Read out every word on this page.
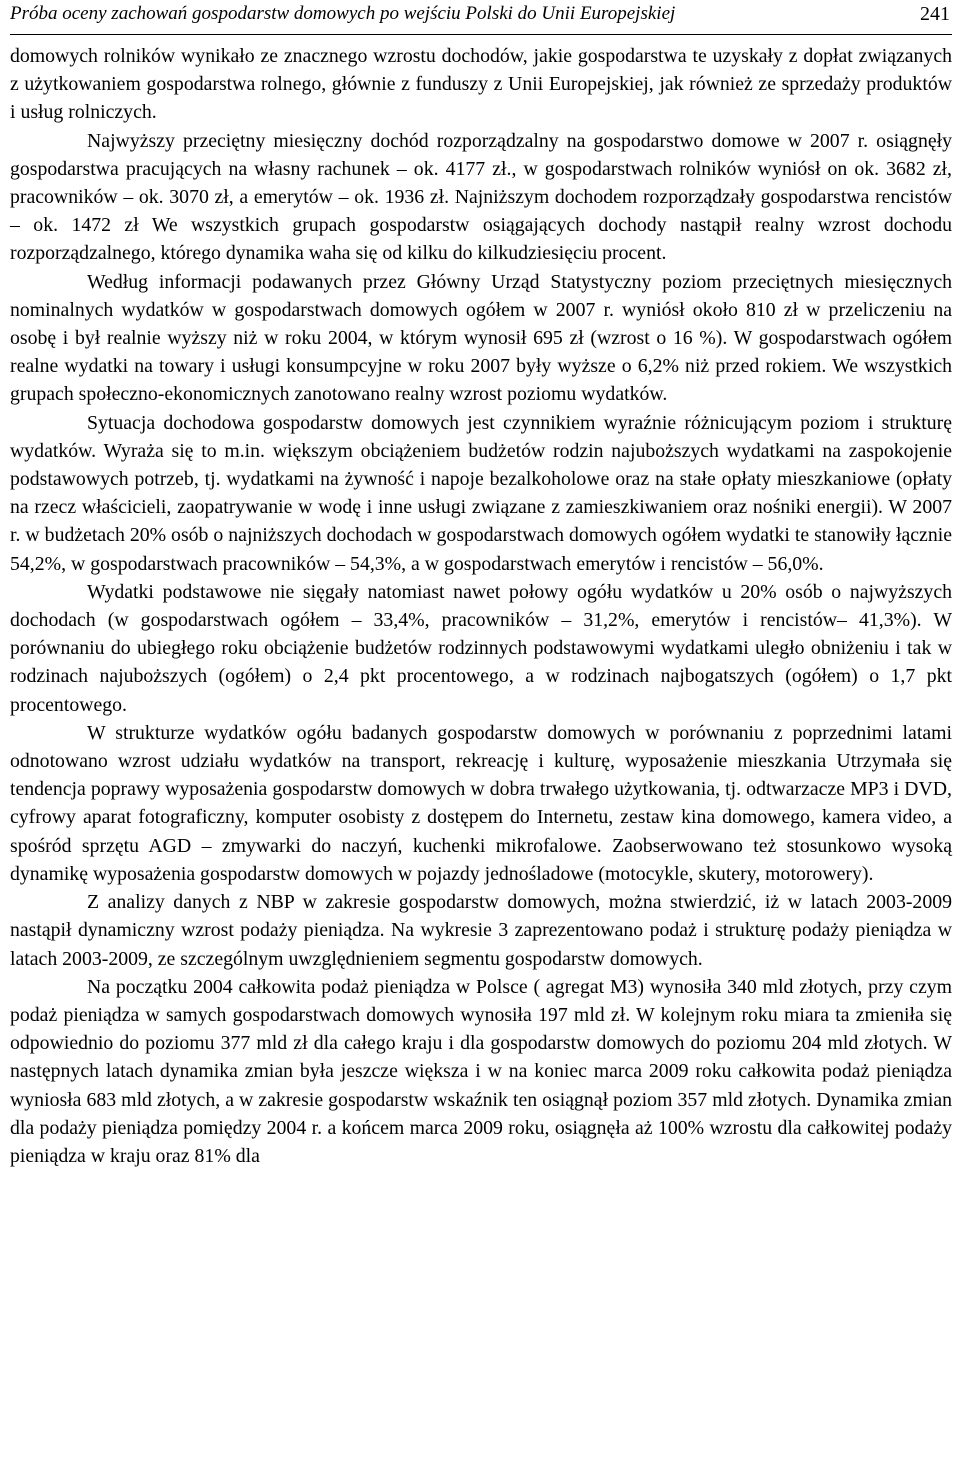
Próba oceny zachowań gospodarstw domowych po wejściu Polski do Unii Europejskiej	241

domowych rolników wynikało ze znacznego wzrostu dochodów, jakie gospodarstwa te uzyskały z dopłat związanych z użytkowaniem gospodarstwa rolnego, głównie z funduszy z Unii Europejskiej, jak również ze sprzedaży produktów i usług rolniczych.

Najwyższy przeciętny miesięczny dochód rozporządzalny na gospodarstwo domowe w 2007 r. osiągnęły gospodarstwa pracujących na własny rachunek – ok. 4177 zł., w gospodarstwach rolników wyniósł on ok. 3682 zł, pracowników – ok. 3070 zł, a emerytów – ok. 1936 zł. Najniższym dochodem rozporządzały gospodarstwa rencistów – ok. 1472 zł We wszystkich grupach gospodarstw osiągających dochody nastąpił realny wzrost dochodu rozporządzalnego, którego dynamika waha się od kilku do kilkudziesięciu procent.

Według informacji podawanych przez Główny Urząd Statystyczny poziom przeciętnych miesięcznych nominalnych wydatków w gospodarstwach domowych ogółem w 2007 r. wyniósł około 810 zł w przeliczeniu na osobę i był realnie wyższy niż w roku 2004, w którym wynosił 695 zł (wzrost o 16 %). W gospodarstwach ogółem realne wydatki na towary i usługi konsumpcyjne w roku 2007 były wyższe o 6,2% niż przed rokiem. We wszystkich grupach społeczno-ekonomicznych zanotowano realny wzrost poziomu wydatków.

Sytuacja dochodowa gospodarstw domowych jest czynnikiem wyraźnie różnicującym poziom i strukturę wydatków. Wyraża się to m.in. większym obciążeniem budżetów rodzin najuboższych wydatkami na zaspokojenie podstawowych potrzeb, tj. wydatkami na żywność i napoje bezalkoholowe oraz na stałe opłaty mieszkaniowe (opłaty na rzecz właścicieli, zaopatrywanie w wodę i inne usługi związane z zamieszkiwaniem oraz nośniki energii). W 2007 r. w budżetach 20% osób o najniższych dochodach w gospodarstwach domowych ogółem wydatki te stanowiły łącznie 54,2%, w gospodarstwach pracowników – 54,3%, a w gospodarstwach emerytów i rencistów – 56,0%.

Wydatki podstawowe nie sięgały natomiast nawet połowy ogółu wydatków u 20% osób o najwyższych dochodach (w gospodarstwach ogółem – 33,4%, pracowników – 31,2%, emerytów i rencistów– 41,3%). W porównaniu do ubiegłego roku obciążenie budżetów rodzinnych podstawowymi wydatkami uległo obniżeniu i tak w rodzinach najuboższych (ogółem) o 2,4 pkt procentowego, a w rodzinach najbogatszych (ogółem) o 1,7 pkt procentowego.

W strukturze wydatków ogółu badanych gospodarstw domowych w porównaniu z poprzednimi latami odnotowano wzrost udziału wydatków na transport, rekreację i kulturę, wyposażenie mieszkania Utrzymała się tendencja poprawy wyposażenia gospodarstw domowych w dobra trwałego użytkowania, tj. odtwarzacze MP3 i DVD, cyfrowy aparat fotograficzny, komputer osobisty z dostępem do Internetu, zestaw kina domowego, kamera video, a spośród sprzętu AGD – zmywarki do naczyń, kuchenki mikrofalowe. Zaobserwowano też stosunkowo wysoką dynamikę wyposażenia gospodarstw domowych w pojazdy jednośladowe (motocykle, skutery, motorowery).

Z analizy danych z NBP w zakresie gospodarstw domowych, można stwierdzić, iż w latach 2003-2009 nastąpił dynamiczny wzrost podaży pieniądza. Na wykresie 3 zaprezentowano podaż i strukturę podaży pieniądza w latach 2003-2009, ze szczególnym uwzględnieniem segmentu gospodarstw domowych.

Na początku 2004 całkowita podaż pieniądza w Polsce ( agregat M3) wynosiła 340 mld złotych, przy czym podaż pieniądza w samych gospodarstwach domowych wynosiła 197 mld zł. W kolejnym roku miara ta zmieniła się odpowiednio do poziomu 377 mld zł dla całego kraju i dla gospodarstw domowych do poziomu 204 mld złotych. W następnych latach dynamika zmian była jeszcze większa i w na koniec marca 2009 roku całkowita podaż pieniądza wyniosła 683 mld złotych, a w zakresie gospodarstw wskaźnik ten osiągnął poziom 357 mld złotych. Dynamika zmian dla podaży pieniądza pomiędzy 2004 r. a końcem marca 2009 roku, osiągnęła aż 100% wzrostu dla całkowitej podaży pieniądza w kraju oraz 81% dla
